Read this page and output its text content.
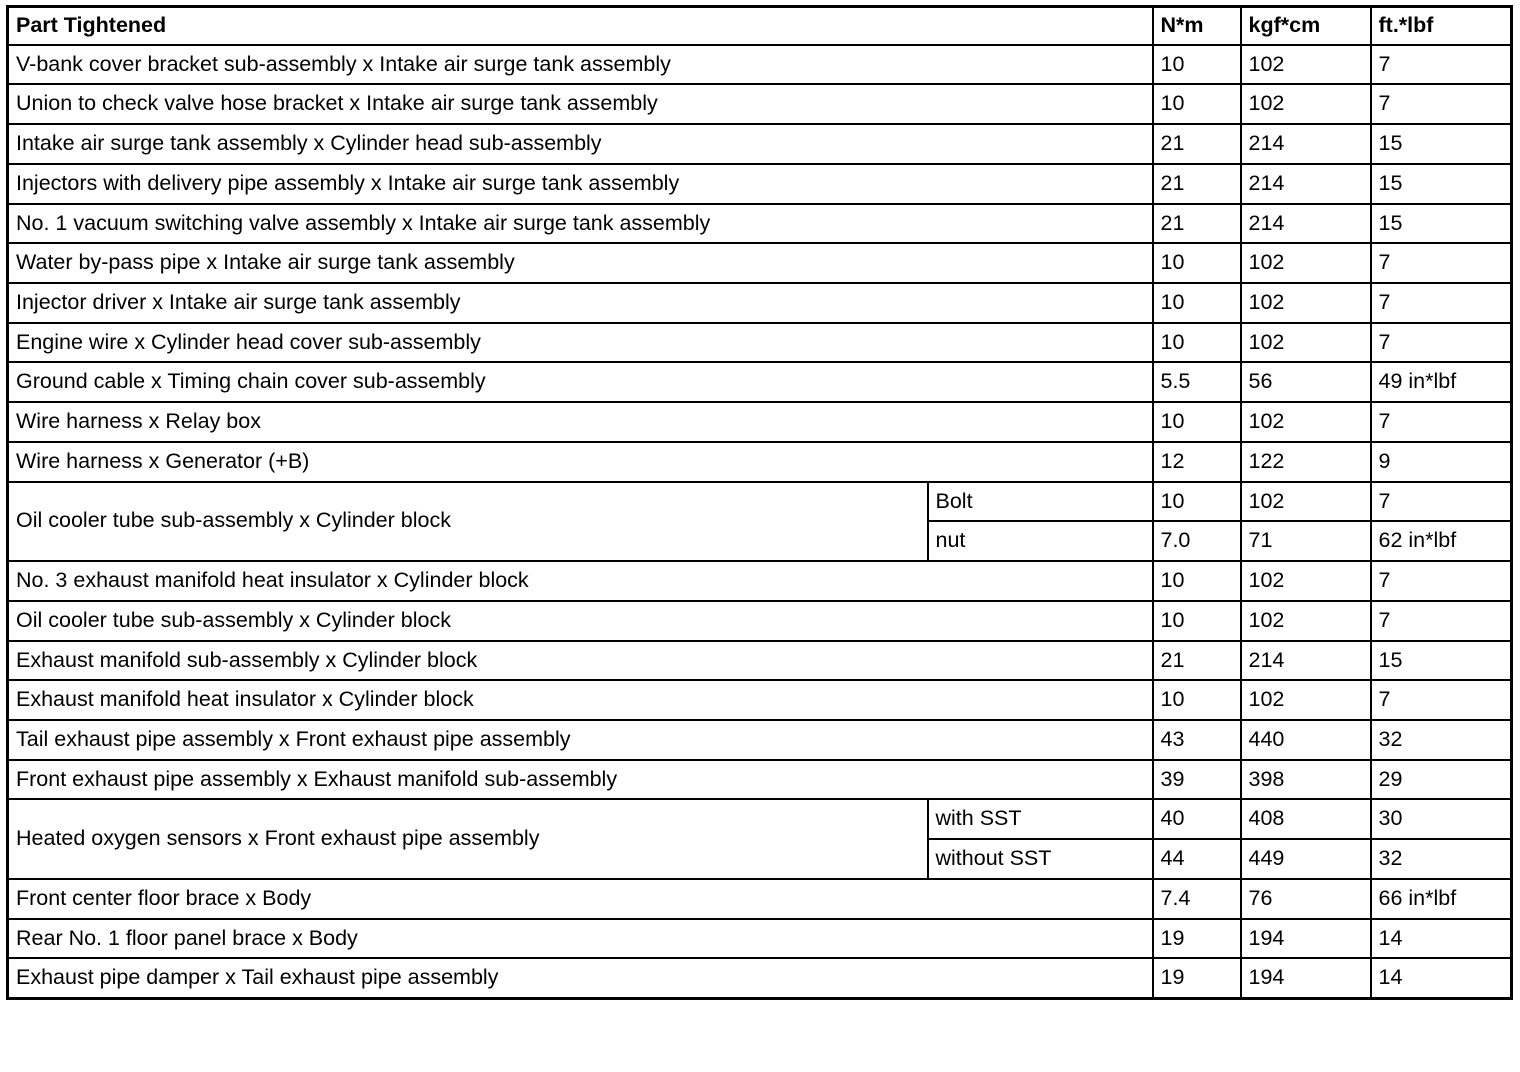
Part Tightened		N*m	kgf*cm	ft.*lbf
V-bank cover bracket sub-assembly x Intake air surge tank assembly		10	102	7
Union to check valve hose bracket x Intake air surge tank assembly		10	102	7
Intake air surge tank assembly x Cylinder head sub-assembly		21	214	15
Injectors with delivery pipe assembly x Intake air surge tank assembly		21	214	15
No. 1 vacuum switching valve assembly x Intake air surge tank assembly		21	214	15
Water by-pass pipe x Intake air surge tank assembly		10	102	7
Injector driver x Intake air surge tank assembly		10	102	7
Engine wire x Cylinder head cover sub-assembly		10	102	7
Ground cable x Timing chain cover sub-assembly		5.5	56	49 in*lbf
Wire harness x Relay box		10	102	7
Wire harness x Generator (+B)		12	122	9
Oil cooler tube sub-assembly x Cylinder block	Bolt	10	102	7
	nut	7.0	71	62 in*lbf
No. 3 exhaust manifold heat insulator x Cylinder block		10	102	7
Oil cooler tube sub-assembly x Cylinder block		10	102	7
Exhaust manifold sub-assembly x Cylinder block		21	214	15
Exhaust manifold heat insulator x Cylinder block		10	102	7
Tail exhaust pipe assembly x Front exhaust pipe assembly		43	440	32
Front exhaust pipe assembly x Exhaust manifold sub-assembly		39	398	29
Heated oxygen sensors x Front exhaust pipe assembly	with SST	40	408	30
	without SST	44	449	32
Front center floor brace x Body		7.4	76	66 in*lbf
Rear No. 1 floor panel brace x Body		19	194	14
Exhaust pipe damper x Tail exhaust pipe assembly		19	194	14
